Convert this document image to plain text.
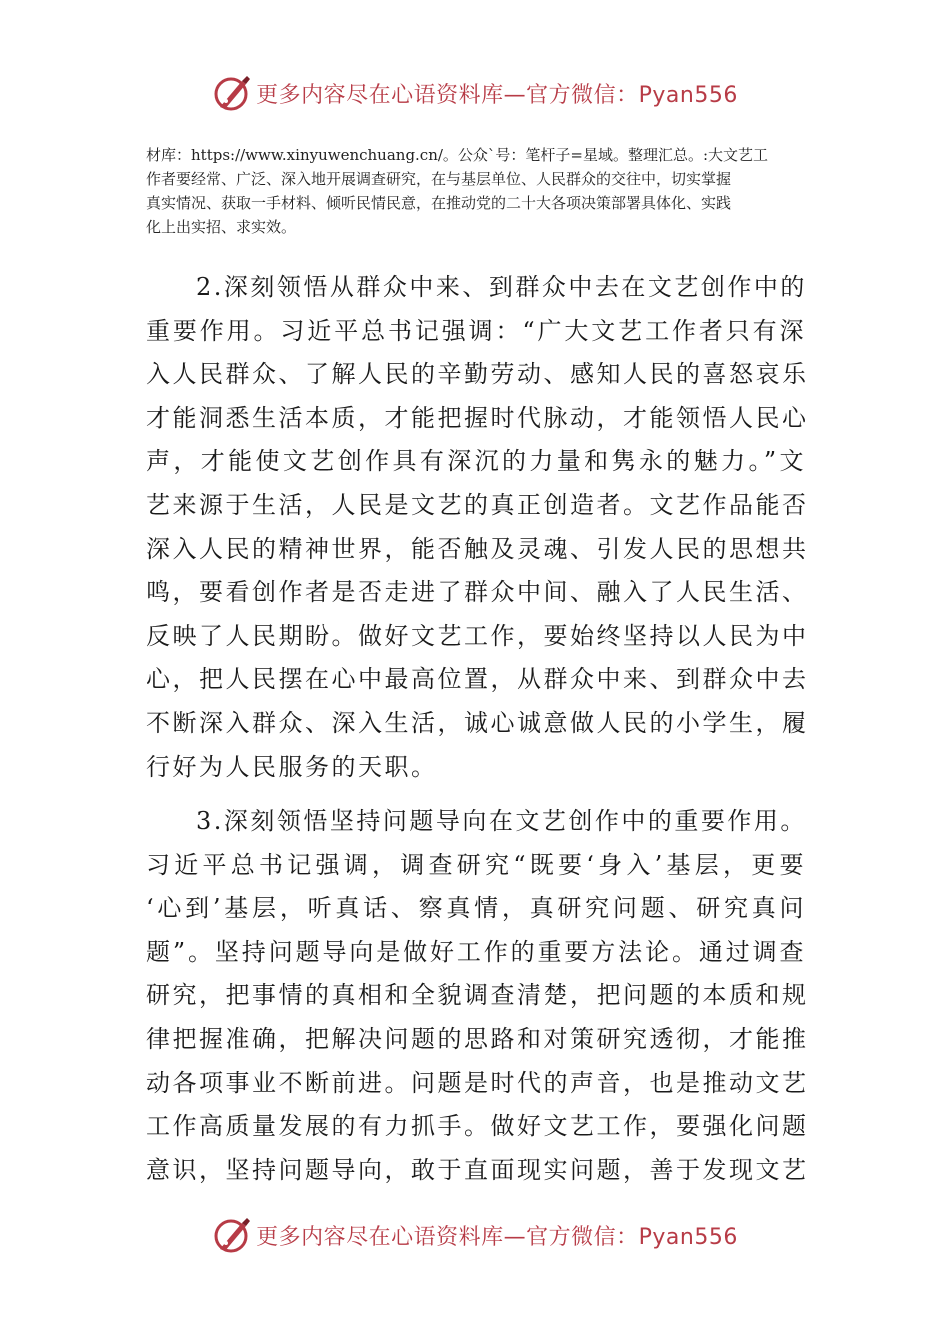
更多内容尽在心语资料库—官方微信：Pyan556

材库：https://www.xinyuwenchuang.cn/。公众`号：笔杆子=星域。整理汇总。:大文艺工

作者要经常、广泛、深入地开展调查研究，在与基层单位、人民群众的交往中，切实掌握

真实情况、获取一手材料、倾听民情民意，在推动党的二十大各项决策部署具体化、实践

化上出实招、求实效。

2.深刻领悟从群众中来、到群众中去在文艺创作中的
重要作用。习近平总书记强调：“广大文艺工作者只有深
入人民群众、了解人民的辛勤劳动、感知人民的喜怒哀乐
才能洞悉生活本质，才能把握时代脉动，才能领悟人民心
声，才能使文艺创作具有深沉的力量和隽永的魅力。”文
艺来源于生活，人民是文艺的真正创造者。文艺作品能否
深入人民的精神世界，能否触及灵魂、引发人民的思想共
鸣，要看创作者是否走进了群众中间、融入了人民生活、
反映了人民期盼。做好文艺工作，要始终坚持以人民为中
心，把人民摆在心中最高位置，从群众中来、到群众中去
不断深入群众、深入生活，诚心诚意做人民的小学生，履
行好为人民服务的天职。
3.深刻领悟坚持问题导向在文艺创作中的重要作用。
习近平总书记强调，调查研究“既要‘身入’基层，更要
‘心到’基层，听真话、察真情，真研究问题、研究真问
题”。坚持问题导向是做好工作的重要方法论。通过调查
研究，把事情的真相和全貌调查清楚，把问题的本质和规
律把握准确，把解决问题的思路和对策研究透彻，才能推
动各项事业不断前进。问题是时代的声音，也是推动文艺
工作高质量发展的有力抓手。做好文艺工作，要强化问题
意识，坚持问题导向，敢于直面现实问题，善于发现文艺
更多内容尽在心语资料库—官方微信：Pyan556
